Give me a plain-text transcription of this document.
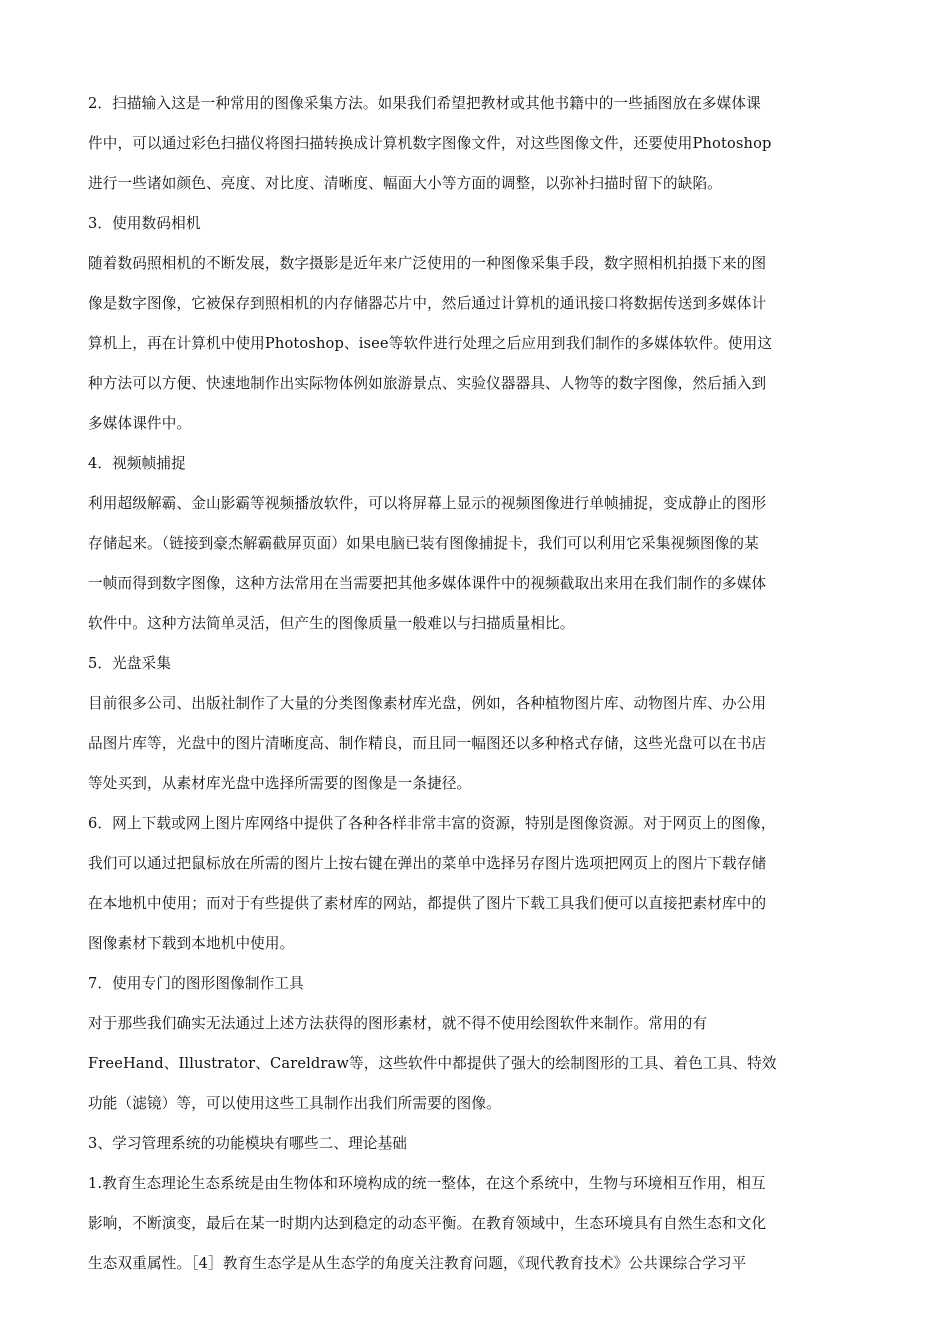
2．扫描输入这是一种常用的图像采集方法。如果我们希望把教材或其他书籍中的一些插图放在多媒体课
件中，可以通过彩色扫描仪将图扫描转换成计算机数字图像文件，对这些图像文件，还要使用Photoshop
进行一些诸如颜色、亮度、对比度、清晰度、幅面大小等方面的调整，以弥补扫描时留下的缺陷。
3．使用数码相机
随着数码照相机的不断发展，数字摄影是近年来广泛使用的一种图像采集手段，数字照相机拍摄下来的图
像是数字图像，它被保存到照相机的内存储器芯片中，然后通过计算机的通讯接口将数据传送到多媒体计
算机上，再在计算机中使用Photoshop、isee等软件进行处理之后应用到我们制作的多媒体软件。使用这
种方法可以方便、快速地制作出实际物体例如旅游景点、实验仪器器具、人物等的数字图像，然后插入到
多媒体课件中。
4．视频帧捕捉
利用超级解霸、金山影霸等视频播放软件，可以将屏幕上显示的视频图像进行单帧捕捉，变成静止的图形
存储起来。（链接到豪杰解霸截屏页面）如果电脑已装有图像捕捉卡，我们可以利用它采集视频图像的某
一帧而得到数字图像，这种方法常用在当需要把其他多媒体课件中的视频截取出来用在我们制作的多媒体
软件中。这种方法简单灵活，但产生的图像质量一般难以与扫描质量相比。
5．光盘采集
目前很多公司、出版社制作了大量的分类图像素材库光盘，例如，各种植物图片库、动物图片库、办公用
品图片库等，光盘中的图片清晰度高、制作精良，而且同一幅图还以多种格式存储，这些光盘可以在书店
等处买到，从素材库光盘中选择所需要的图像是一条捷径。
6．网上下载或网上图片库网络中提供了各种各样非常丰富的资源，特别是图像资源。对于网页上的图像，
我们可以通过把鼠标放在所需的图片上按右键在弹出的菜单中选择另存图片选项把网页上的图片下载存储
在本地机中使用；而对于有些提供了素材库的网站，都提供了图片下载工具我们便可以直接把素材库中的
图像素材下载到本地机中使用。
7．使用专门的图形图像制作工具
对于那些我们确实无法通过上述方法获得的图形素材，就不得不使用绘图软件来制作。常用的有
FreeHand、Illustrator、Careldraw等，这些软件中都提供了强大的绘制图形的工具、着色工具、特效
功能（滤镜）等，可以使用这些工具制作出我们所需要的图像。
3、学习管理系统的功能模块有哪些二、理论基础
1.教育生态理论生态系统是由生物体和环境构成的统一整体，在这个系统中，生物与环境相互作用，相互
影响，不断演变，最后在某一时期内达到稳定的动态平衡。在教育领域中，生态环境具有自然生态和文化
生态双重属性。［4］教育生态学是从生态学的角度关注教育问题，《现代教育技术》公共课综合学习平
